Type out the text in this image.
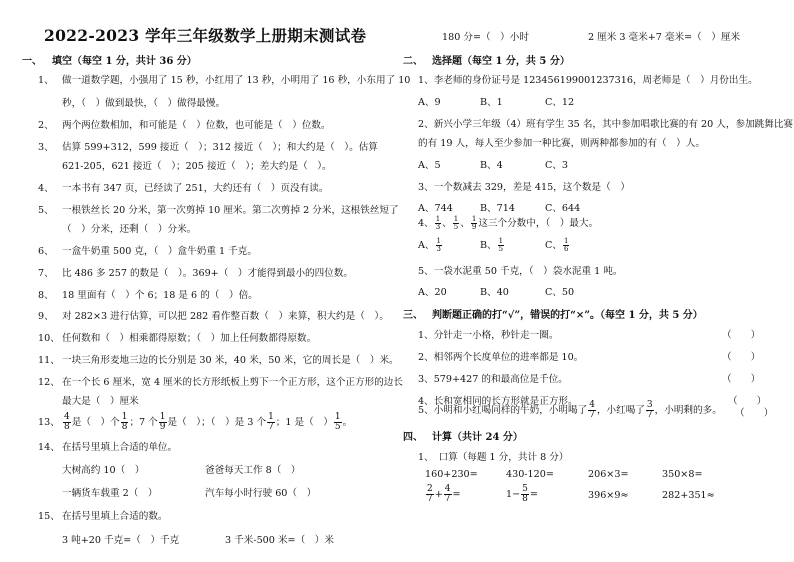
2022-2023 学年三年级数学上册期末测试卷
一、 填空（每空 1 分，共计 36 分）
1、 做一道数学题，小强用了 15 秒，小红用了 13 秒，小明用了 16 秒，小东用了 10
秒，（　）做到最快，（　）做得最慢。
2、 两个两位数相加，和可能是（　）位数，也可能是（　）位数。
3、 估算 599+312，599 接近（　）；312 接近（　）；和大约是（　）。估算
621-205，621 接近（　）；205 接近（　）；差大约是（　）。
4、 一本书有 347 页，已经读了 251，大约还有（　）页没有读。
5、 一根铁丝长 20 分米，第一次剪掉 10 厘米。第二次剪掉 2 分米，这根铁丝短了
（　）分米，还剩（　）分米。
6、 一盒牛奶重 500 克，（　）盒牛奶重 1 千克。
7、 比 486 多 257 的数是（　）。369+（　）才能得到最小的四位数。
8、 18 里面有（　）个 6；18 是 6 的（　）倍。
9、 对 282×3 进行估算，可以把 282 看作整百数（　）来算，积大约是（　）。
10、 任何数和（　）相乘都得原数；（　）加上任何数都得原数。
11、 一块三角形麦地三边的长分别是 30 米，40 米，50 米，它的周长是（　）米。
12、 在一个长 6 厘米，宽 4 厘米的长方形纸板上剪下一个正方形，这个正方形的边长
最大是（　）厘米
13、 $\frac{4}{8}$ 是（　）个 $\frac{1}{8}$ ；7 个 $\frac{1}{9}$ 是（　）；（　）是 3 个 $\frac{1}{7}$ ；1 是（　） $\frac{1}{5}$ 。
14、 在括号里填上合适的单位。
大树高约 10（　）	爸爸每天工作 8（　）
一辆货车载重 2（　）	汽车每小时行驶 60（　）
15、 在括号里填上合适的数。
3 吨+20 千克=（　）千克	3 千米-500 米=（　）米
180 分=（　）小时	2 厘米 3 毫米+7 毫米=（　）厘米
二、 选择题（每空 1 分，共 5 分）
1、李老师的身份证号是 123456199001237316，周老师是（　）月份出生。
A、9	B、1	C、12
2、新兴小学三年级（4）班有学生 35 名，其中参加唱歌比赛的有 20 人，参加跳舞比赛
的有 19 人，每人至少参加一种比赛，则两种都参加的有（　）人。
A、5	B、4	C、3
3、一个数减去 329，差是 415，这个数是（　）
A、744	B、714	C、644
4、 $\frac{1}{3}$ 、 $\frac{1}{5}$ 、 $\frac{1}{9}$ 这三个分数中，（　）最大。
A、 $\frac{1}{3}$	B、 $\frac{1}{5}$	C、 $\frac{1}{6}$
5、一袋水泥重 50 千克，（　）袋水泥重 1 吨。
A、20	B、40	C、50
三、 判断题正确的打“√”，错误的打“×”。（每空 1 分，共 5 分）
1、分针走一小格，秒针走一圈。	（　　）
2、相邻两个长度单位的进率都是 10。	（　　）
3、579+427 的和最高位是千位。	（　　）
4、长和宽相同的长方形就是正方形。	（　　）
5、小明和小红喝同样的牛奶，小明喝了 $\frac{4}{7}$ ，小红喝了 $\frac{3}{7}$ ，小明剩的多。 （　　）
四、 计算（共计 24 分）
1、　口算（每题 1 分，共计 8 分）
160+230=	430-120=	206×3=	350×8=
$\frac{2}{7} + \frac{4}{7}$ =	$1- \frac{5}{8}$ =	396×9≈	282+351≈
